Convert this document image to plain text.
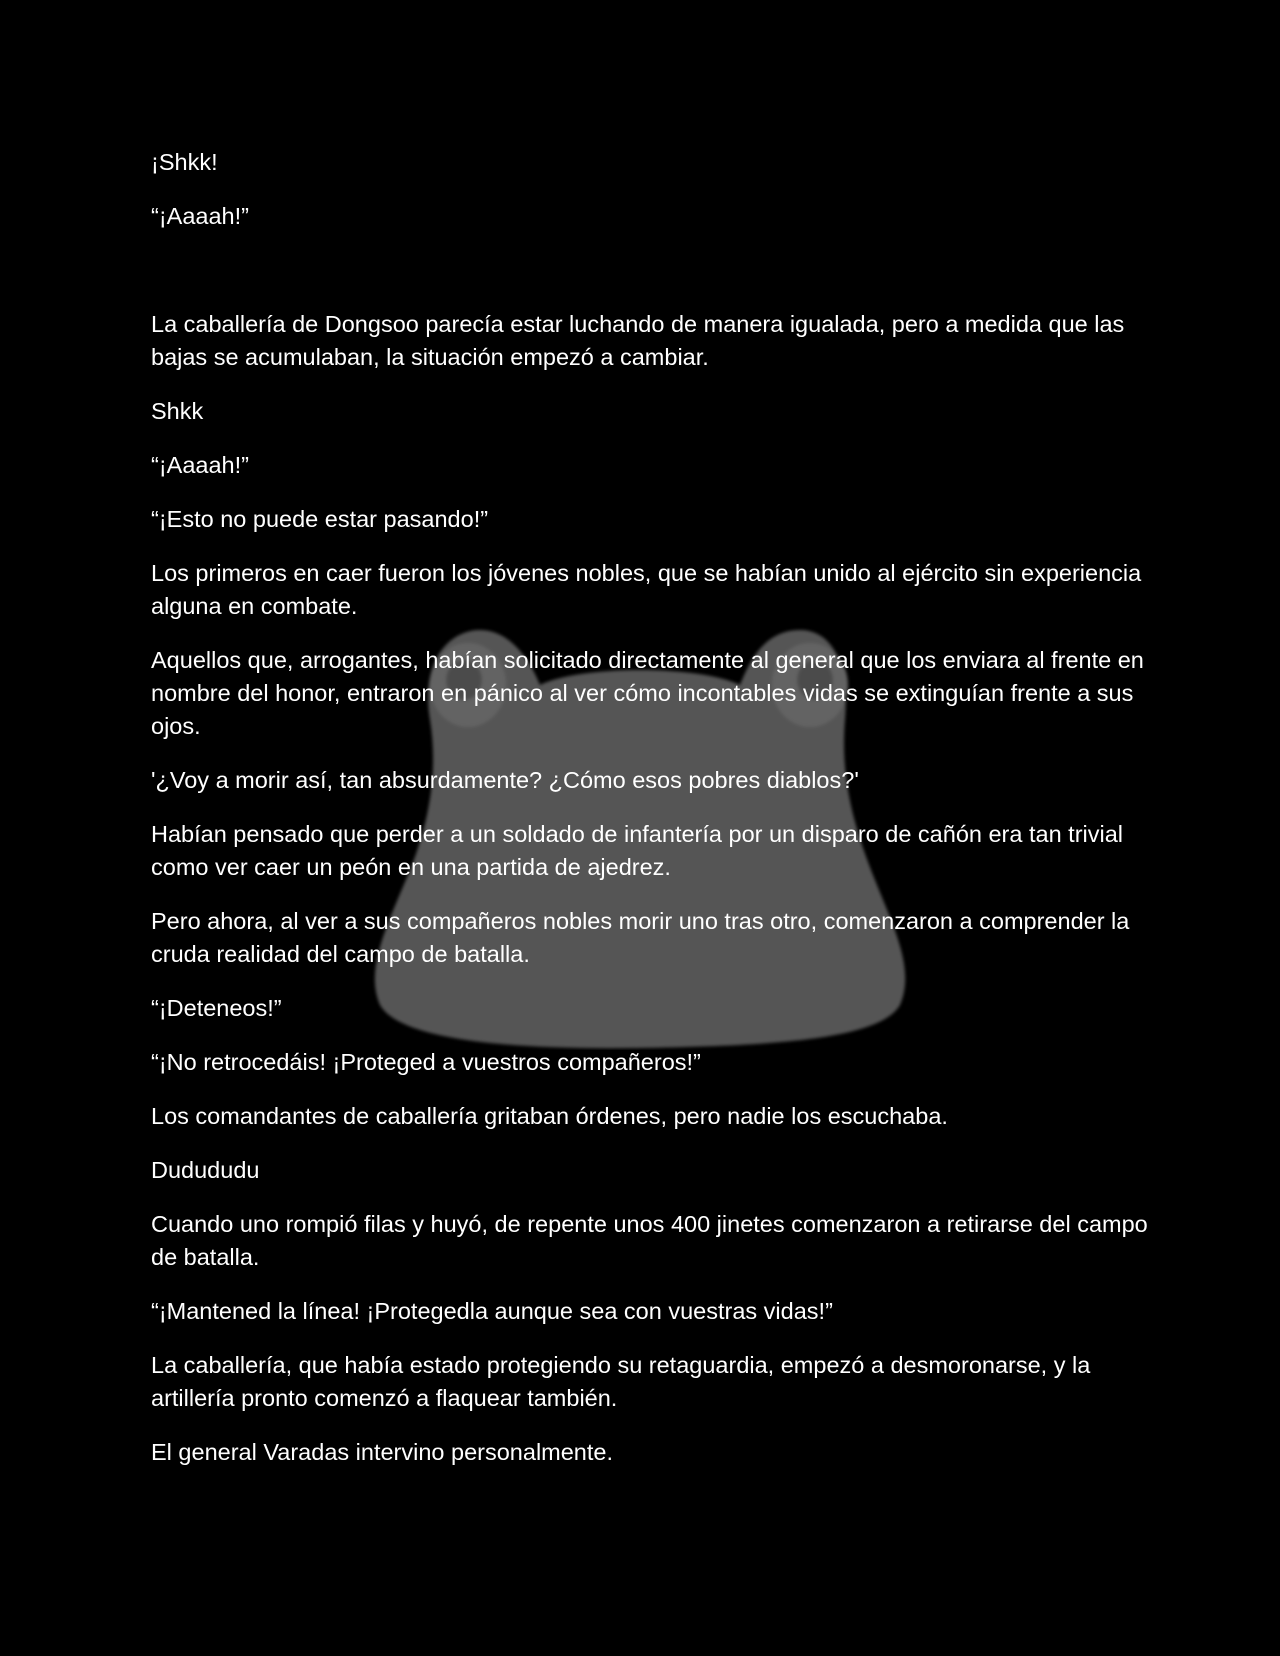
¡Shkk!

“¡Aaaah!”

La caballería de Dongsoo parecía estar luchando de manera igualada, pero a medida que las bajas se acumulaban, la situación empezó a cambiar.

Shkk

“¡Aaaah!”

“¡Esto no puede estar pasando!”

Los primeros en caer fueron los jóvenes nobles, que se habían unido al ejército sin experiencia alguna en combate.

Aquellos que, arrogantes, habían solicitado directamente al general que los enviara al frente en nombre del honor, entraron en pánico al ver cómo incontables vidas se extinguían frente a sus ojos.

'¿Voy a morir así, tan absurdamente? ¿Cómo esos pobres diablos?'

Habían pensado que perder a un soldado de infantería por un disparo de cañón era tan trivial como ver caer un peón en una partida de ajedrez.

Pero ahora, al ver a sus compañeros nobles morir uno tras otro, comenzaron a comprender la cruda realidad del campo de batalla.

“¡Deteneos!”

“¡No retrocedáis! ¡Proteged a vuestros compañeros!”

Los comandantes de caballería gritaban órdenes, pero nadie los escuchaba.

Dudududu

Cuando uno rompió filas y huyó, de repente unos 400 jinetes comenzaron a retirarse del campo de batalla.

“¡Mantened la línea! ¡Protegedla aunque sea con vuestras vidas!”

La caballería, que había estado protegiendo su retaguardia, empezó a desmoronarse, y la artillería pronto comenzó a flaquear también.

El general Varadas intervino personalmente.
